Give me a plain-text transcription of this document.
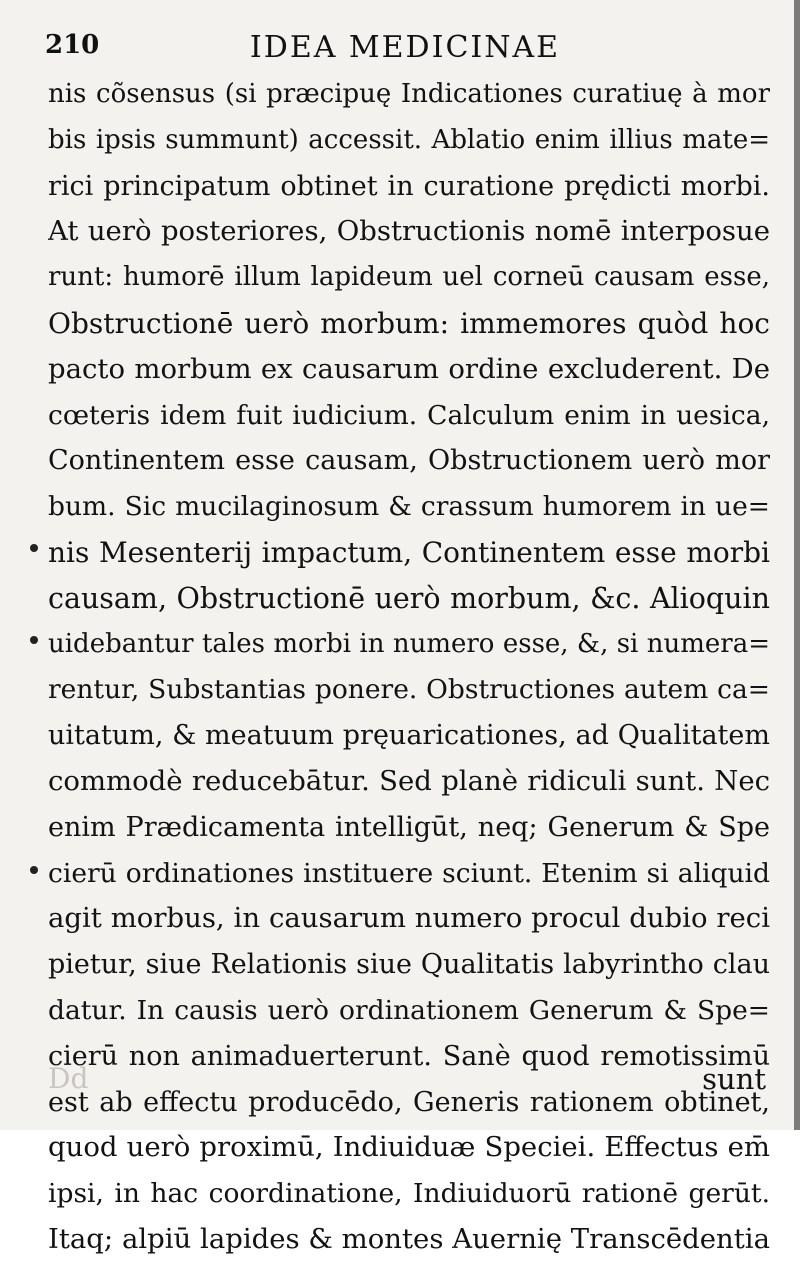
210	IDEA MEDICINAE
nis cõsensus (si præcipuę Indicationes curatiuę à mor
bis ipsis summunt) accessit. Ablatio enim illius mate=
rici principatum obtinet in curatione prędicti morbi.
At uerò posteriores, Obstructionis nomē interposue
runt: humorē illum lapideum uel corneū causam esse,
Obstructionē uerò morbum: immemores quòd hoc
pacto morbum ex causarum ordine excluderent. De
cœteris idem fuit iudicium. Calculum enim in uesica,
Continentem esse causam, Obstructionem uerò mor
bum. Sic mucilaginosum & crassum humorem in ue=
nis Mesenterij impactum, Continentem esse morbi
causam, Obstructionē uerò morbum, &c. Alioquin
uidebantur tales morbi in numero esse, &, si numera=
rentur, Substantias ponere. Obstructiones autem ca=
uitatum, & meatuum pręuaricationes, ad Qualitatem
commodè reducebātur. Sed planè ridiculi sunt. Nec
enim Prædicamenta intelligūt, neq; Generum & Spe
cierū ordinationes instituere sciunt. Etenim si aliquid
agit morbus, in causarum numero procul dubio reci
pietur, siue Relationis siue Qualitatis labyrintho clau
datur. In causis uerò ordinationem Generum & Spe=
cierū non animaduerterunt. Sanè quod remotissimū
est ab effectu producēdo, Generis rationem obtinet,
quod uerò proximū, Indiuiduæ Speciei. Effectus em̄
ipsi, in hac coordinatione, Indiuiduorū rationē gerūt.
Itaq; alpiū lapides & montes Auernię Transcēdentia
Dd	sunt
